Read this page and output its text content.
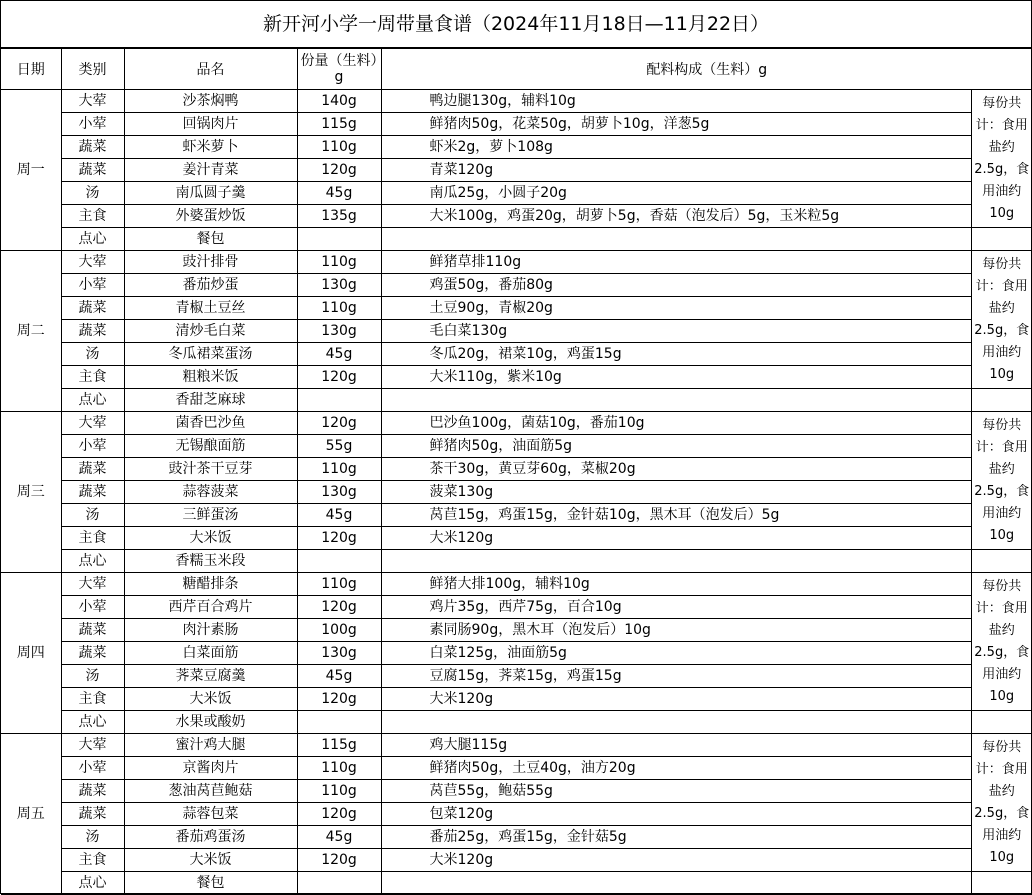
新开河小学一周带量食谱（2024年11月18日—11月22日）
日期	类别	品名	份量（生料）g	配料构成（生料）g	
周一	大荤	沙茶焖鸭	140g	鸭边腿130g，辅料10g	每份共计：食用盐约2.5g，食用油约10g
	小荤	回锅肉片	115g	鲜猪肉50g，花菜50g，胡萝卜10g，洋葱5g	
	蔬菜	虾米萝卜	110g	虾米2g，萝卜108g	
	蔬菜	姜汁青菜	120g	青菜120g	
	汤	南瓜圆子羹	45g	南瓜25g，小圆子20g	
	主食	外婆蛋炒饭	135g	大米100g，鸡蛋20g，胡萝卜5g，香菇（泡发后）5g，玉米粒5g	
	点心	餐包			
周二	大荤	豉汁排骨	110g	鲜猪草排110g	每份共计：食用盐约2.5g，食用油约10g
	小荤	番茄炒蛋	130g	鸡蛋50g，番茄80g	
	蔬菜	青椒土豆丝	110g	土豆90g，青椒20g	
	蔬菜	清炒毛白菜	130g	毛白菜130g	
	汤	冬瓜裙菜蛋汤	45g	冬瓜20g，裙菜10g，鸡蛋15g	
	主食	粗粮米饭	120g	大米110g，紫米10g	
	点心	香甜芝麻球			
周三	大荤	菌香巴沙鱼	120g	巴沙鱼100g，菌菇10g，番茄10g	每份共计：食用盐约2.5g，食用油约10g
	小荤	无锡酿面筋	55g	鲜猪肉50g，油面筋5g	
	蔬菜	豉汁茶干豆芽	110g	茶干30g，黄豆芽60g，菜椒20g	
	蔬菜	蒜蓉菠菜	130g	菠菜130g	
	汤	三鲜蛋汤	45g	莴苣15g，鸡蛋15g，金针菇10g，黑木耳（泡发后）5g	
	主食	大米饭	120g	大米120g	
	点心	香糯玉米段			
周四	大荤	糖醋排条	110g	鲜猪大排100g，辅料10g	每份共计：食用盐约2.5g，食用油约10g
	小荤	西芹百合鸡片	120g	鸡片35g，西芹75g，百合10g	
	蔬菜	肉汁素肠	100g	素同肠90g，黑木耳（泡发后）10g	
	蔬菜	白菜面筋	130g	白菜125g，油面筋5g	
	汤	荠菜豆腐羹	45g	豆腐15g，荠菜15g，鸡蛋15g	
	主食	大米饭	120g	大米120g	
	点心	水果或酸奶			
周五	大荤	蜜汁鸡大腿	115g	鸡大腿115g	每份共计：食用盐约2.5g，食用油约10g
	小荤	京酱肉片	110g	鲜猪肉50g，土豆40g，油方20g	
	蔬菜	葱油莴苣鲍菇	110g	莴苣55g，鲍菇55g	
	蔬菜	蒜蓉包菜	120g	包菜120g	
	汤	番茄鸡蛋汤	45g	番茄25g，鸡蛋15g，金针菇5g	
	主食	大米饭	120g	大米120g	
	点心	餐包			
